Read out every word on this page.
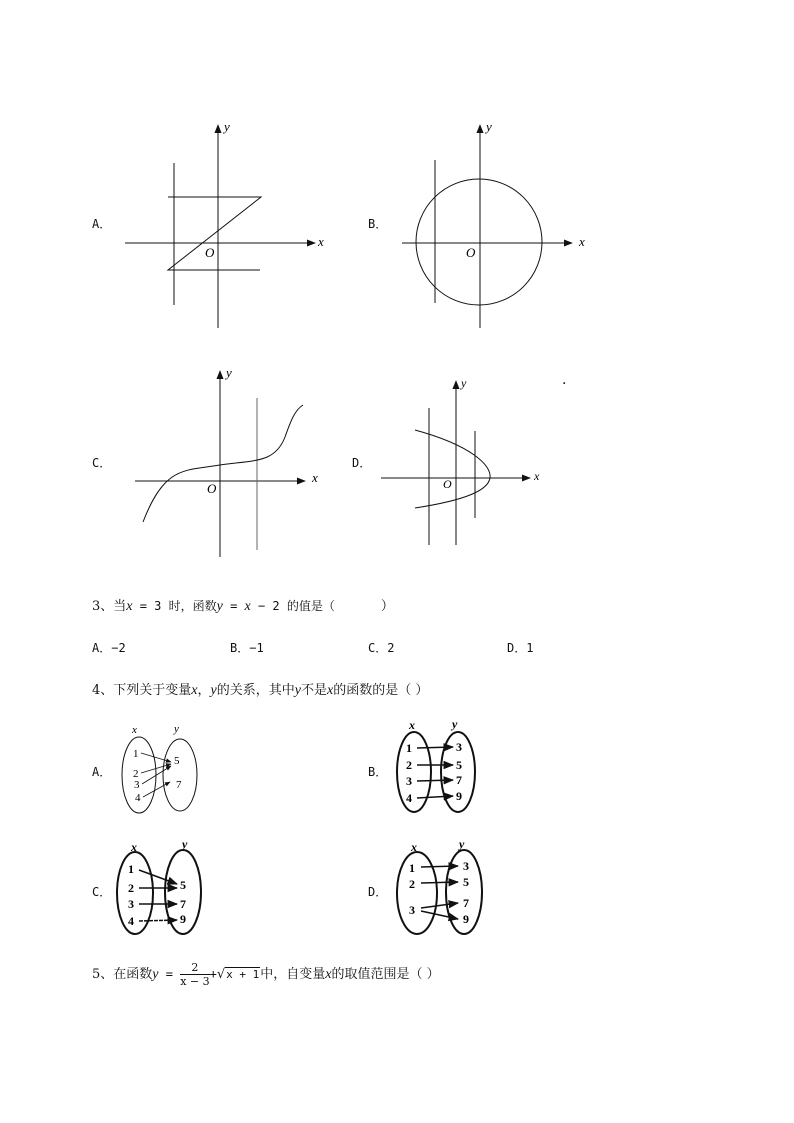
A．
x
y
O
B．
x
y
O
C．
x
y
O
D．
x
y
O
.
3、当x = 3 时，函数y = x − 2 的值是（	）
A．−2	B．−1	C．2	D．1
4、下列关于变量x，y的关系，其中y不是x的函数的是（ ）
A．
x	y
1
2
3
4
5
7
B．
x	y
1
2
3
4
3
5
7
9
C．
x	y
1
2
3
4
5
7
9
D．
x	y
1
2
3
3
5
7
9
5、在函数$y = \frac{2}{x - 3} +√x + 1$中，自变量x的取值范围是（ ）
